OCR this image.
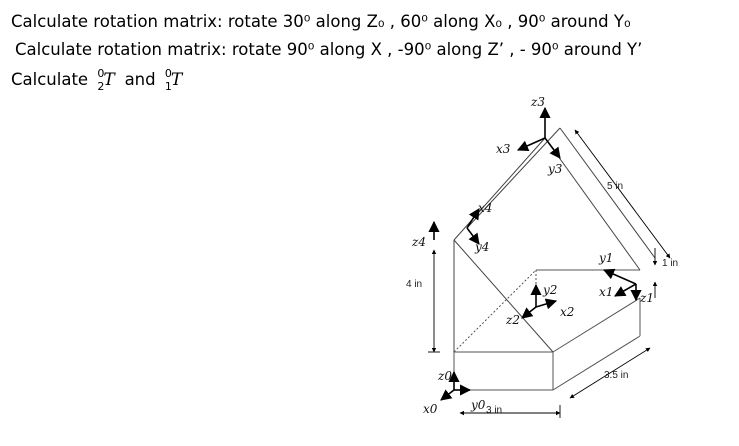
Calculate rotation matrix: rotate 30⁰ along Z₀ , 60⁰ along X₀ , 90⁰ around Y₀
Calculate rotation matrix: rotate 90⁰ along X , -90⁰ along Z’ , - 90⁰ around Y’
Calculate 0
2 T and 0
1 T
z3
x3
y3
x4
y4
z4
y1
x1 z1
y2
x2
z2
z0
x0	y0
4 in
3 in
3.5 in
5 in
1 in
